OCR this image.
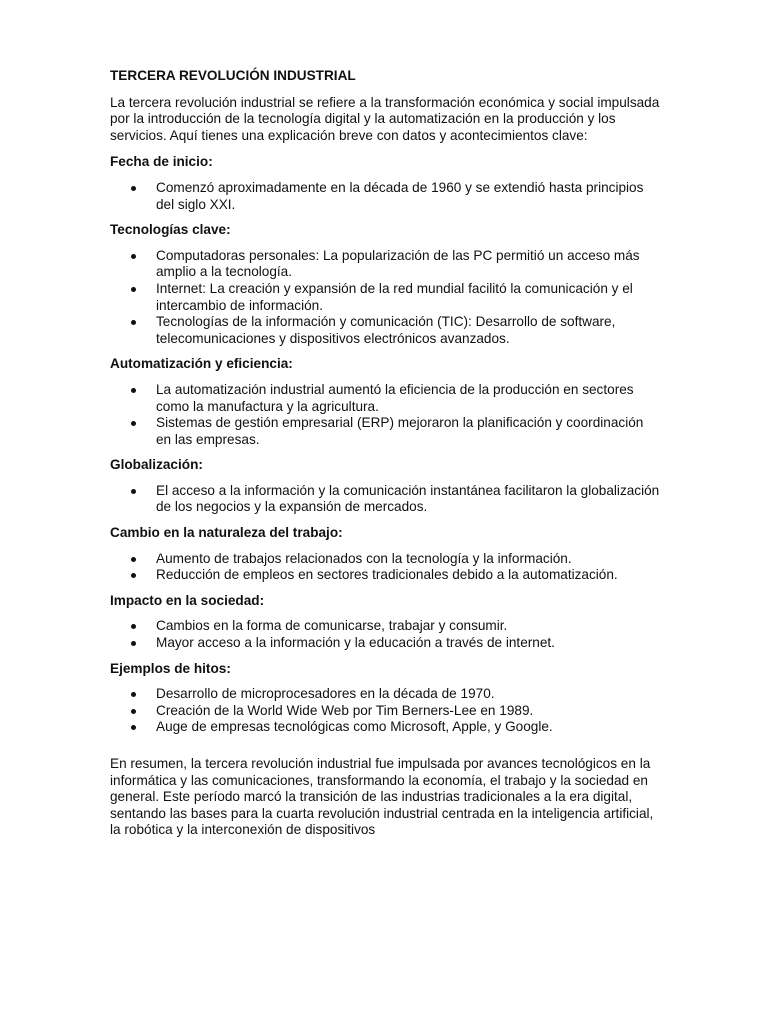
TERCERA REVOLUCIÓN INDUSTRIAL

La tercera revolución industrial se refiere a la transformación económica y social impulsada por la introducción de la tecnología digital y la automatización en la producción y los servicios. Aquí tienes una explicación breve con datos y acontecimientos clave:

Fecha de inicio:
Comenzó aproximadamente en la década de 1960 y se extendió hasta principios del siglo XXI.
Tecnologías clave:
Computadoras personales: La popularización de las PC permitió un acceso más amplio a la tecnología.
Internet: La creación y expansión de la red mundial facilitó la comunicación y el intercambio de información.
Tecnologías de la información y comunicación (TIC): Desarrollo de software, telecomunicaciones y dispositivos electrónicos avanzados.
Automatización y eficiencia:
La automatización industrial aumentó la eficiencia de la producción en sectores como la manufactura y la agricultura.
Sistemas de gestión empresarial (ERP) mejoraron la planificación y coordinación en las empresas.
Globalización:
El acceso a la información y la comunicación instantánea facilitaron la globalización de los negocios y la expansión de mercados.
Cambio en la naturaleza del trabajo:
Aumento de trabajos relacionados con la tecnología y la información.
Reducción de empleos en sectores tradicionales debido a la automatización.
Impacto en la sociedad:
Cambios en la forma de comunicarse, trabajar y consumir.
Mayor acceso a la información y la educación a través de internet.
Ejemplos de hitos:
Desarrollo de microprocesadores en la década de 1970.
Creación de la World Wide Web por Tim Berners-Lee en 1989.
Auge de empresas tecnológicas como Microsoft, Apple, y Google.

En resumen, la tercera revolución industrial fue impulsada por avances tecnológicos en la informática y las comunicaciones, transformando la economía, el trabajo y la sociedad en general. Este período marcó la transición de las industrias tradicionales a la era digital, sentando las bases para la cuarta revolución industrial centrada en la inteligencia artificial, la robótica y la interconexión de dispositivos
